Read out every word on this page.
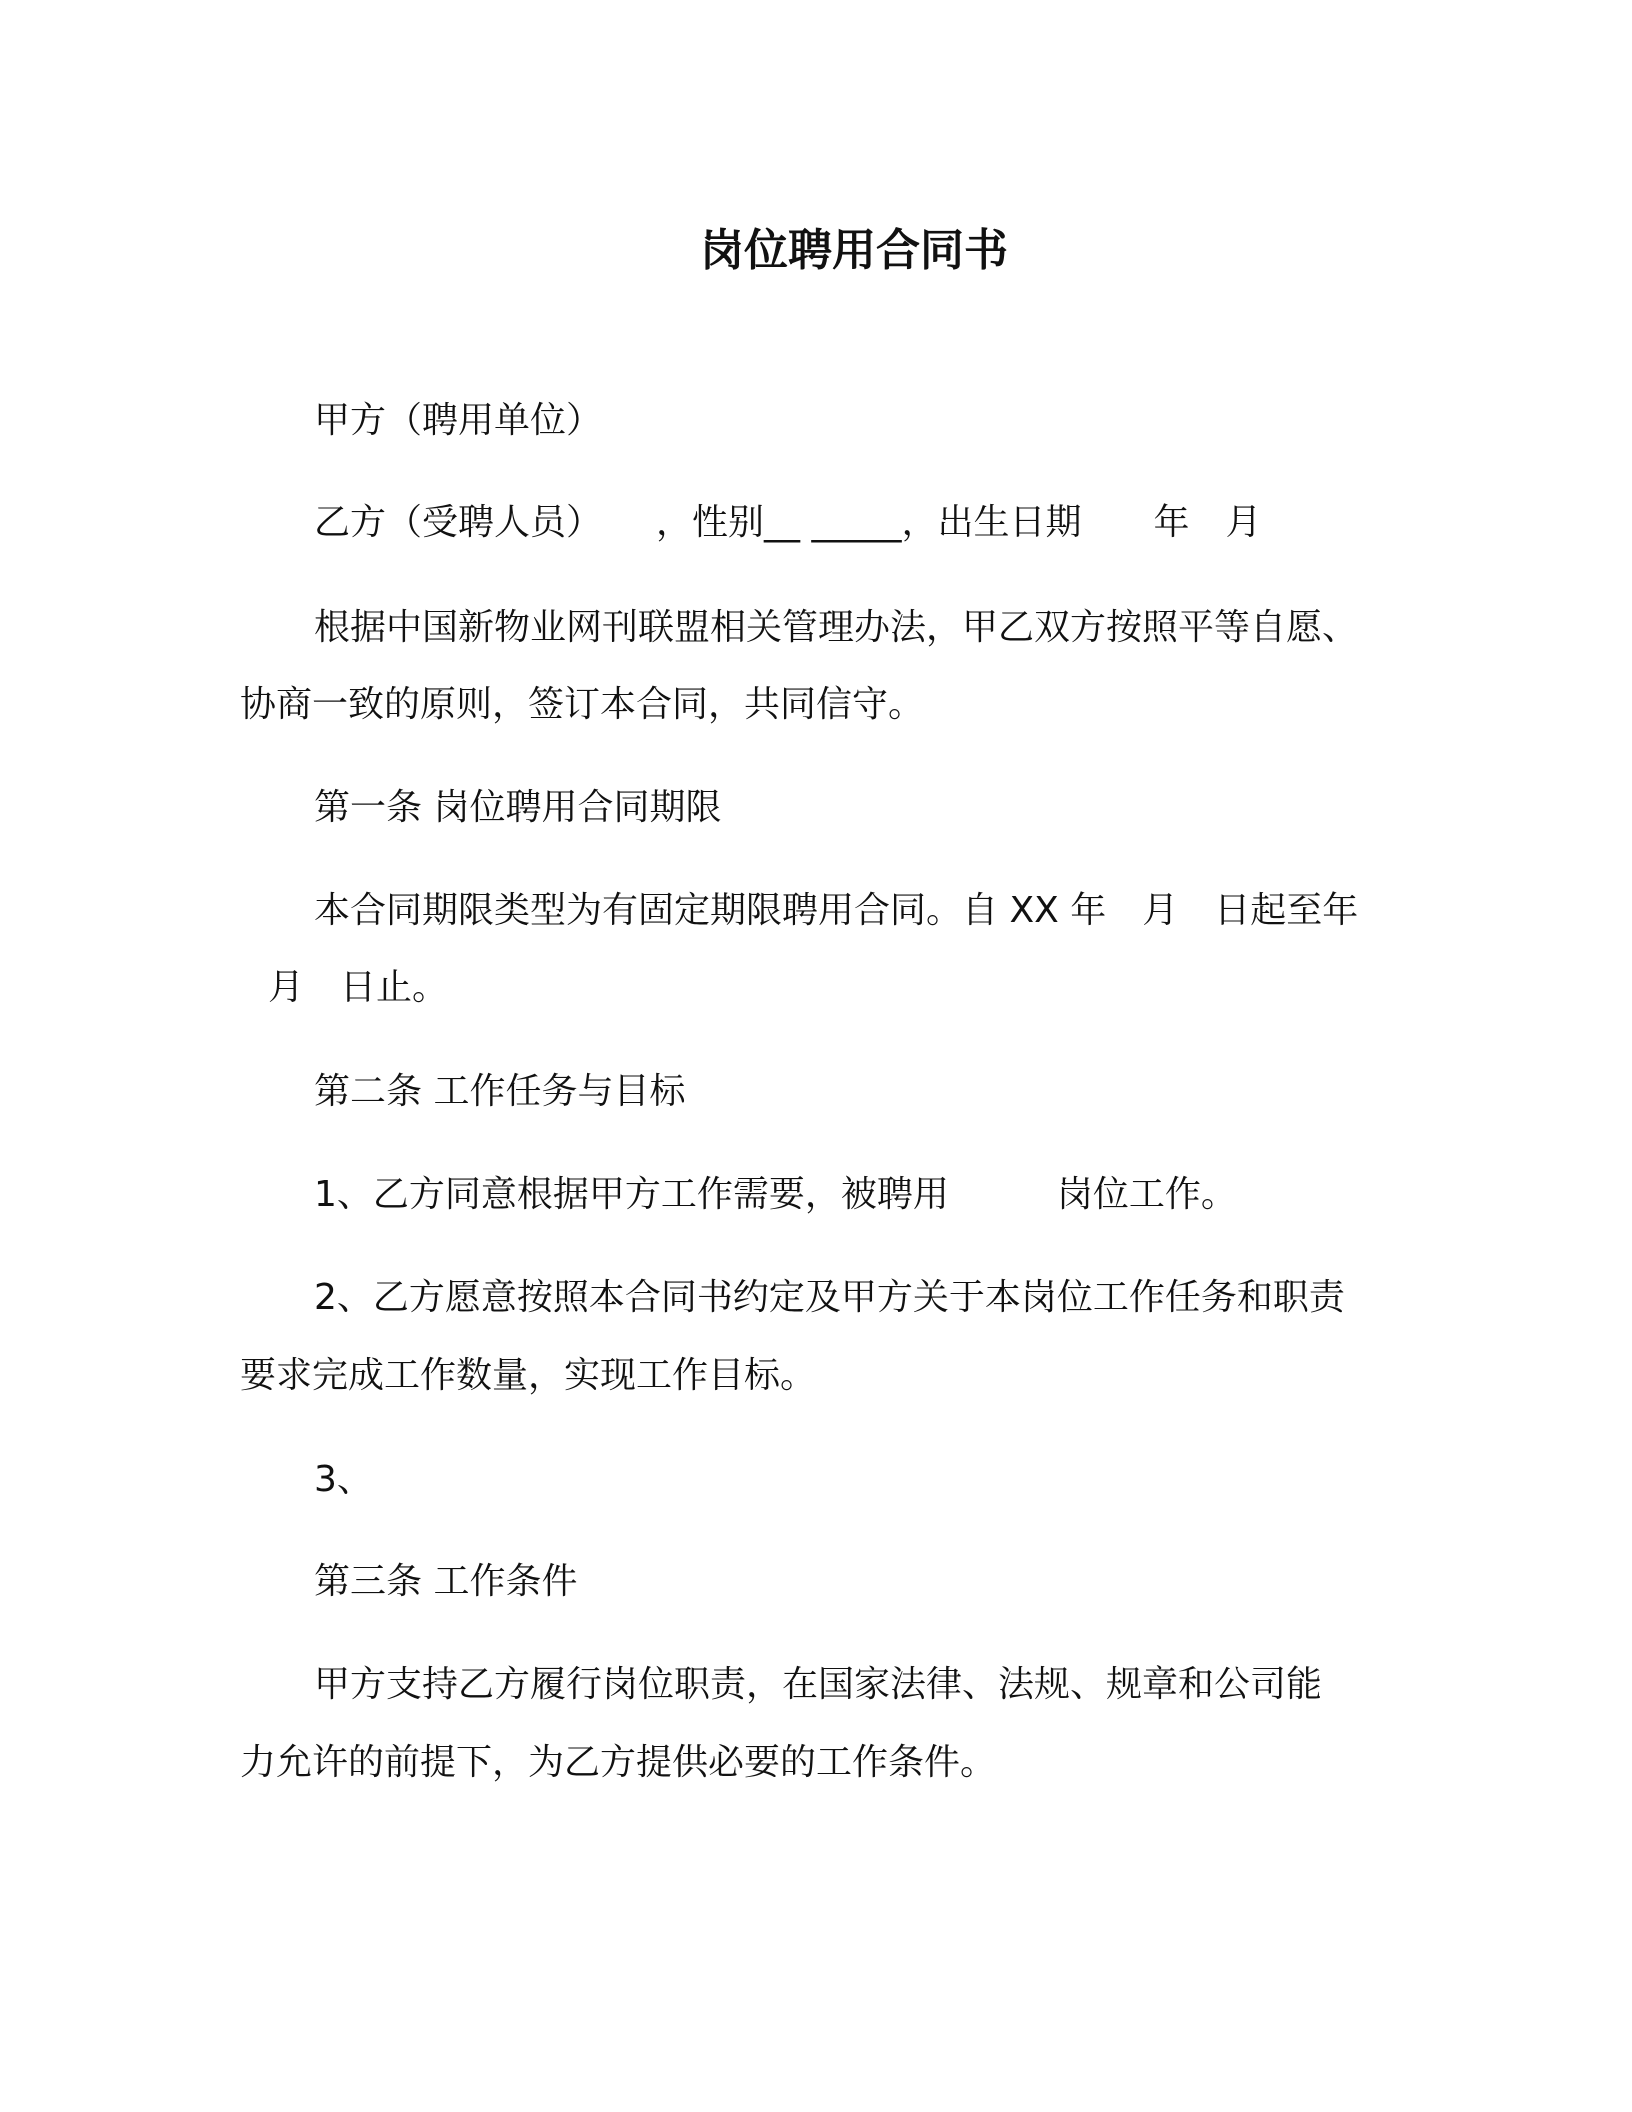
岗位聘用合同书
甲方（聘用单位）
乙方（受聘人员）　　，性别__ _____，出生日期　　年　月
根据中国新物业网刊联盟相关管理办法，甲乙双方按照平等自愿、
协商一致的原则，签订本合同，共同信守。
第一条 岗位聘用合同期限
本合同期限类型为有固定期限聘用合同。自 XX 年　月　日起至年
月　日止。
第二条 工作任务与目标
1、乙方同意根据甲方工作需要，被聘用　　　岗位工作。
2、乙方愿意按照本合同书约定及甲方关于本岗位工作任务和职责
要求完成工作数量，实现工作目标。
3、
第三条 工作条件
甲方支持乙方履行岗位职责，在国家法律、法规、规章和公司能
力允许的前提下，为乙方提供必要的工作条件。
